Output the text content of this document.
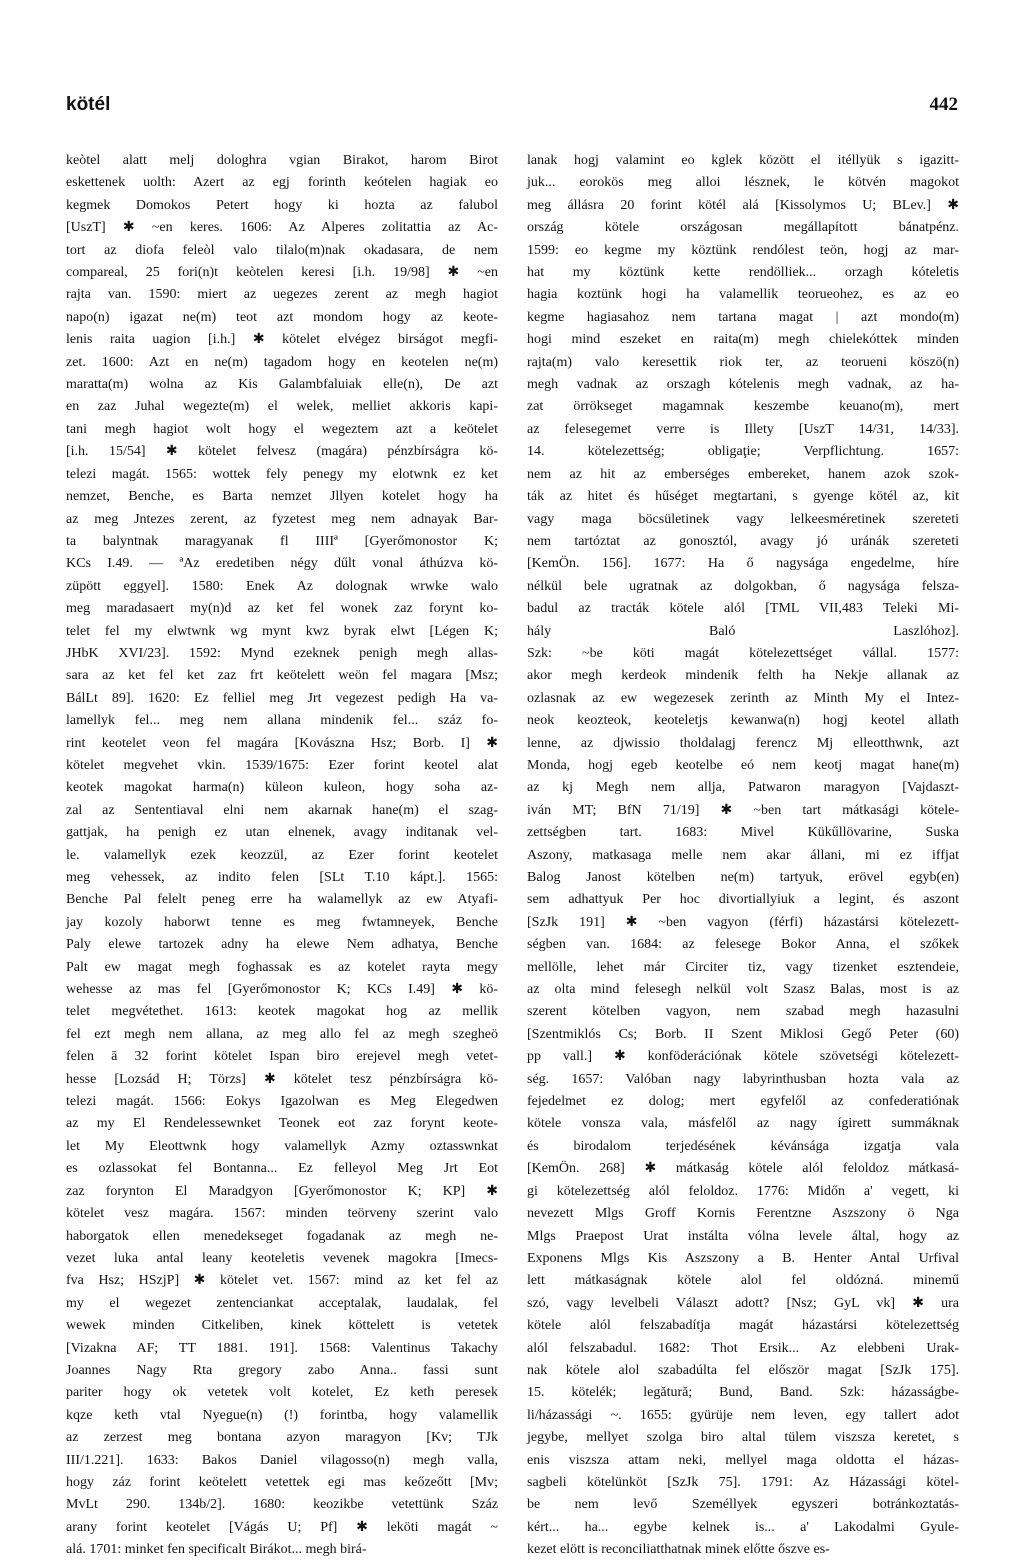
kötél	442

keòtel alatt melj dologhra vgian Birakot, harom Birot

eskettenek uolth: Azert az egj forinth keótelen hagiak eo

kegmek Domokos Petert hogy ki hozta az falubol

[UszT] ✱ ~en keres. 1606: Az Alperes zolitattia az Ac-

tort az diofa feleòl valo tilalo(m)nak okadasara, de nem

compareal, 25 fori(n)t keòtelen keresi [i.h. 19/98] ✱ ~en

rajta van. 1590: miert az uegezes zerent az megh hagiot

napo(n) igazat ne(m) teot azt mondom hogy az keote-

lenis raita uagion [i.h.] ✱ kötelet elvégez birságot megfi-

zet. 1600: Azt en ne(m) tagadom hogy en keotelen ne(m)

maratta(m) wolna az Kis Galambfaluiak elle(n), De azt

en zaz Juhal wegezte(m) el welek, melliet akkoris kapi-

tani megh hagiot wolt hogy el wegeztem azt a keötelet

[i.h. 15/54] ✱ kötelet felvesz (magára) pénzbírságra kö-

telezi magát. 1565: wottek fely penegy my elotwnk ez ket

nemzet, Benche, es Barta nemzet Jllyen kotelet hogy ha

az meg Jntezes zerent, az fyzetest meg nem adnayak Bar-

ta balyntnak maragyanak fl IIIIª [Gyerőmonostor K;

KCs I.49. — ªAz eredetiben négy dűlt vonal áthúzva kö-

züpött eggyel]. 1580: Enek Az dolognak wrwke walo

meg maradasaert my(n)d az ket fel wonek zaz forynt ko-

telet fel my elwtwnk wg mynt kwz byrak elwt [Légen K;

JHbK XVI/23]. 1592: Mynd ezeknek penigh megh allas-

sara az ket fel ket zaz frt keötelett weön fel magara [Msz;

BálLt 89]. 1620: Ez felliel meg Jrt vegezest pedigh Ha va-

lamellyk fel... meg nem allana mindenik fel... száz fo-

rint keotelet veon fel magára [Kovászna Hsz; Borb. I] ✱

kötelet megvehet vkin. 1539/1675: Ezer forint keotel alat

keotek magokat harma(n) küleon kuleon, hogy soha az-

zal az Sententiaval elni nem akarnak hane(m) el szag-

gattjak, ha penigh ez utan elnenek, avagy inditanak vel-

le. valamellyk ezek keozzül, az Ezer forint keotelet

meg vehessek, az indito felen [SLt T.10 kápt.]. 1565:

Benche Pal felelt peneg erre ha walamellyk az ew Atyafi-

jay kozoly haborwt tenne es meg fwtamneyek, Benche

Paly elewe tartozek adny ha elewe Nem adhatya, Benche

Palt ew magat megh foghassak es az kotelet rayta megy

wehesse az mas fel [Gyerőmonostor K; KCs I.49] ✱ kö-

telet megvétethet. 1613: keotek magokat hog az mellik

fel ezt megh nem allana, az meg allo fel az megh szegheö

felen ā 32 forint kötelet Ispan biro erejevel megh vetet-

hesse [Lozsád H; Törzs] ✱ kötelet tesz pénzbírságra kö-

telezi magát. 1566: Eokys Igazolwan es Meg Elegedwen

az my El Rendelessewnket Teonek eot zaz forynt keote-

let My Eleottwnk hogy valamellyk Azmy oztasswnkat

es ozlassokat fel Bontanna... Ez felleyol Meg Jrt Eot

zaz forynton El Maradgyon [Gyerőmonostor K; KP] ✱

kötelet vesz magára. 1567: minden teörveny szerint valo

haborgatok ellen menedekseget fogadanak az megh ne-

vezet luka antal leany keoteletis vevenek magokra [Imecs-

fva Hsz; HSzjP] ✱ kötelet vet. 1567: mind az ket fel az

my el wegezet zentenciankat acceptalak, laudalak, fel

wewek minden Citkeliben, kinek köttelett is vetetek

[Vizakna AF; TT 1881. 191]. 1568: Valentinus Takachy

Joannes Nagy Rta gregory zabo Anna.. fassi sunt

pariter hogy ok vetetek volt kotelet, Ez keth peresek

kqze keth vtal Nyegue(n) (!) forintba, hogy valamellik

az zerzest meg bontana azyon maragyon [Kv; TJk

III/1.221]. 1633: Bakos Daniel vilagosso(n) megh valla,

hogy záz forint keötelett vetettek egi mas keőzeőtt [Mv;

MvLt 290. 134b/2]. 1680: keozikbe vetettünk Száz

arany forint keotelet [Vágás U; Pf] ✱ leköti magát ~

alá. 1701: minket fen specificalt Birákot... megh birá-

lanak hogj valamint eo kglek között el itéllyük s igazitt-

juk... eorokös meg alloi lésznek, le kötvén magokot

meg állásra 20 forint kötél alá [Kissolymos U; BLev.] ✱

ország kötele országosan megállapított bánatpénz.

1599: eo kegme my köztünk rendólest teön, hogj az mar-

hat my köztünk kette rendölliek... orzagh kóteletis

hagia koztünk hogi ha valamellik teorueohez, es az eo

kegme hagiasahoz nem tartana magat | azt mondo(m)

hogi mind eszeket en raita(m) megh chielekóttek minden

rajta(m) valo keresettik riok ter, az teorueni köszö(n)

megh vadnak az orszagh kótelenis megh vadnak, az ha-

zat örrökseget magamnak keszembe keuano(m), mert

az felesegemet verre is Illety [UszT 14/31, 14/33].

14. kötelezettség; obligaţie; Verpflichtung. 1657:

nem az hit az emberséges embereket, hanem azok szok-

ták az hitet és hűséget megtartani, s gyenge kötél az, kit

vagy maga böcsületinek vagy lelkeesméretinek szereteti

nem tartóztat az gonosztól, avagy jó uránák szereteti

[KemÖn. 156]. 1677: Ha ő nagysága engedelme, híre

nélkül bele ugratnak az dolgokban, ő nagysága felsza-

badul az tracták kötele alól [TML VII,483 Teleki Mi-

hály Baló Laszlóhoz].

Szk: ~be köti magát kötelezettséget vállal. 1577:

akor megh kerdeok mindenik felth ha Nekje allanak az

ozlasnak az ew wegezesek zerinth az Minth My el Intez-

neok keozteok, keoteletjs kewanwa(n) hogj keotel allath

lenne, az djwissio tholdalagj ferencz Mj elleotthwnk, azt

Monda, hogj egeb keotelbe eó nem keotj magat hane(m)

az kj Megh nem allja, Patwaron maragyon [Vajdaszt-

iván MT; BfN 71/19] ✱ ~ben tart mátkasági kötele-

zettségben tart. 1683: Mivel Kükűllövarine, Suska

Aszony, matkasaga melle nem akar állani, mi ez iffjat

Balog Janost kötelben ne(m) tartyuk, erövel egyb(en)

sem adhattyuk Per hoc divortiallyiuk a legint, és aszont

[SzJk 191] ✱ ~ben vagyon (férfi) házastársi kötelezett-

ségben van. 1684: az felesege Bokor Anna, el szőkek

mellölle, lehet már Circiter tiz, vagy tizenket esztendeie,

az olta mind felesegh nelkül volt Szasz Balas, most is az

szerent kötelben vagyon, nem szabad megh hazasulni

[Szentmiklós Cs; Borb. II Szent Miklosi Gegő Peter (60)

pp vall.] ✱ konföderációnak kötele szövetségi kötelezett-

ség. 1657: Valóban nagy labyrinthusban hozta vala az

fejedelmet ez dolog; mert egyfelől az confederatiónak

kötele vonsza vala, másfelől az nagy ígirett summáknak

és birodalom terjedésének kévánsága izgatja vala

[KemÖn. 268] ✱ mátkaság kötele alól feloldoz mátkasá-

gi kötelezettség alól feloldoz. 1776: Midőn a' vegett, ki

nevezett Mlgs Groff Kornis Ferentzne Aszszony ö Nga

Mlgs Praepost Urat instálta vólna levele által, hogy az

Exponens Mlgs Kis Aszszony a B. Henter Antal Urfival

lett mátkaságnak kötele alol fel oldózná. minemű

szó, vagy levelbeli Választ adott? [Nsz; GyL vk] ✱ ura

kötele alól felszabadítja magát házastársi kötelezettség

alól felszabadul. 1682: Thot Ersik... Az elebbeni Urak-

nak kötele alol szabadúlta fel először magat [SzJk 175].

15. kötelék; legătură; Bund, Band. Szk: házasságbe-

li/házassági ~. 1655: gyürüje nem leven, egy tallert adot

jegybe, mellyet szolga biro altal tülem viszsza keretet, s

enis viszsza attam neki, mellyel maga oldotta el házas-

sagbeli kötelünköt [SzJk 75]. 1791: Az Házassági kötel-

be nem levő Személlyek egyszeri botránkoztatás-

kért... ha... egybe kelnek is... a' Lakodalmi Gyule-

kezet elött is reconciliatthatnak minek előtte őszve es-
